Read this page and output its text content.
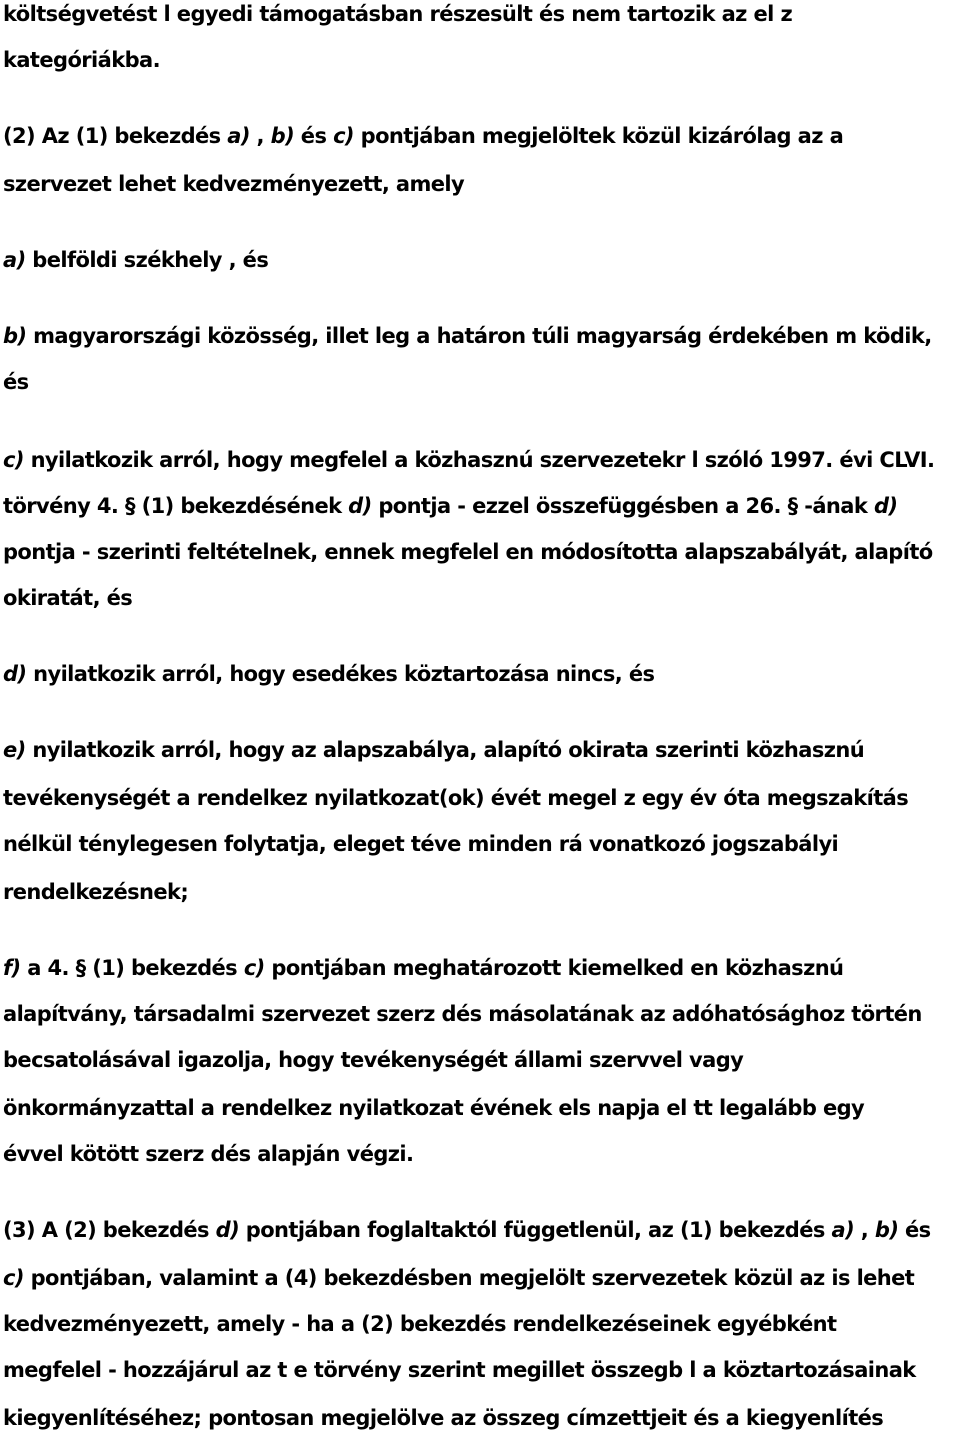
költségvetést l egyedi támogatásban részesült és nem tartozik az el z
kategóriákba.
(2) Az (1) bekezdés a) , b) és c) pontjában megjelöltek közül kizárólag az a
szervezet lehet kedvezményezett, amely
a) belföldi székhely , és
b) magyarországi közösség, illet leg a határon túli magyarság érdekében m ködik,
és
c) nyilatkozik arról, hogy megfelel a közhasznú szervezetekr l szóló 1997. évi CLVI.
törvény 4. § (1) bekezdésének d) pontja - ezzel összefüggésben a 26. § -ának d)
pontja - szerinti feltételnek, ennek megfelel en módosította alapszabályát, alapító
okiratát, és
d) nyilatkozik arról, hogy esedékes köztartozása nincs, és
e) nyilatkozik arról, hogy az alapszabálya, alapító okirata szerinti közhasznú
tevékenységét a rendelkez nyilatkozat(ok) évét megel z egy év óta megszakítás
nélkül ténylegesen folytatja, eleget téve minden rá vonatkozó jogszabályi
rendelkezésnek;
f) a 4. § (1) bekezdés c) pontjában meghatározott kiemelked en közhasznú
alapítvány, társadalmi szervezet szerz dés másolatának az adóhatósághoz történ
becsatolásával igazolja, hogy tevékenységét állami szervvel vagy
önkormányzattal a rendelkez nyilatkozat évének els napja el tt legalább egy
évvel kötött szerz dés alapján végzi.
(3) A (2) bekezdés d) pontjában foglaltaktól függetlenül, az (1) bekezdés a) , b) és
c) pontjában, valamint a (4) bekezdésben megjelölt szervezetek közül az is lehet
kedvezményezett, amely - ha a (2) bekezdés rendelkezéseinek egyébként
megfelel - hozzájárul az t e törvény szerint megillet összegb l a köztartozásainak
kiegyenlítéséhez; pontosan megjelölve az összeg címzettjeit és a kiegyenlítés
